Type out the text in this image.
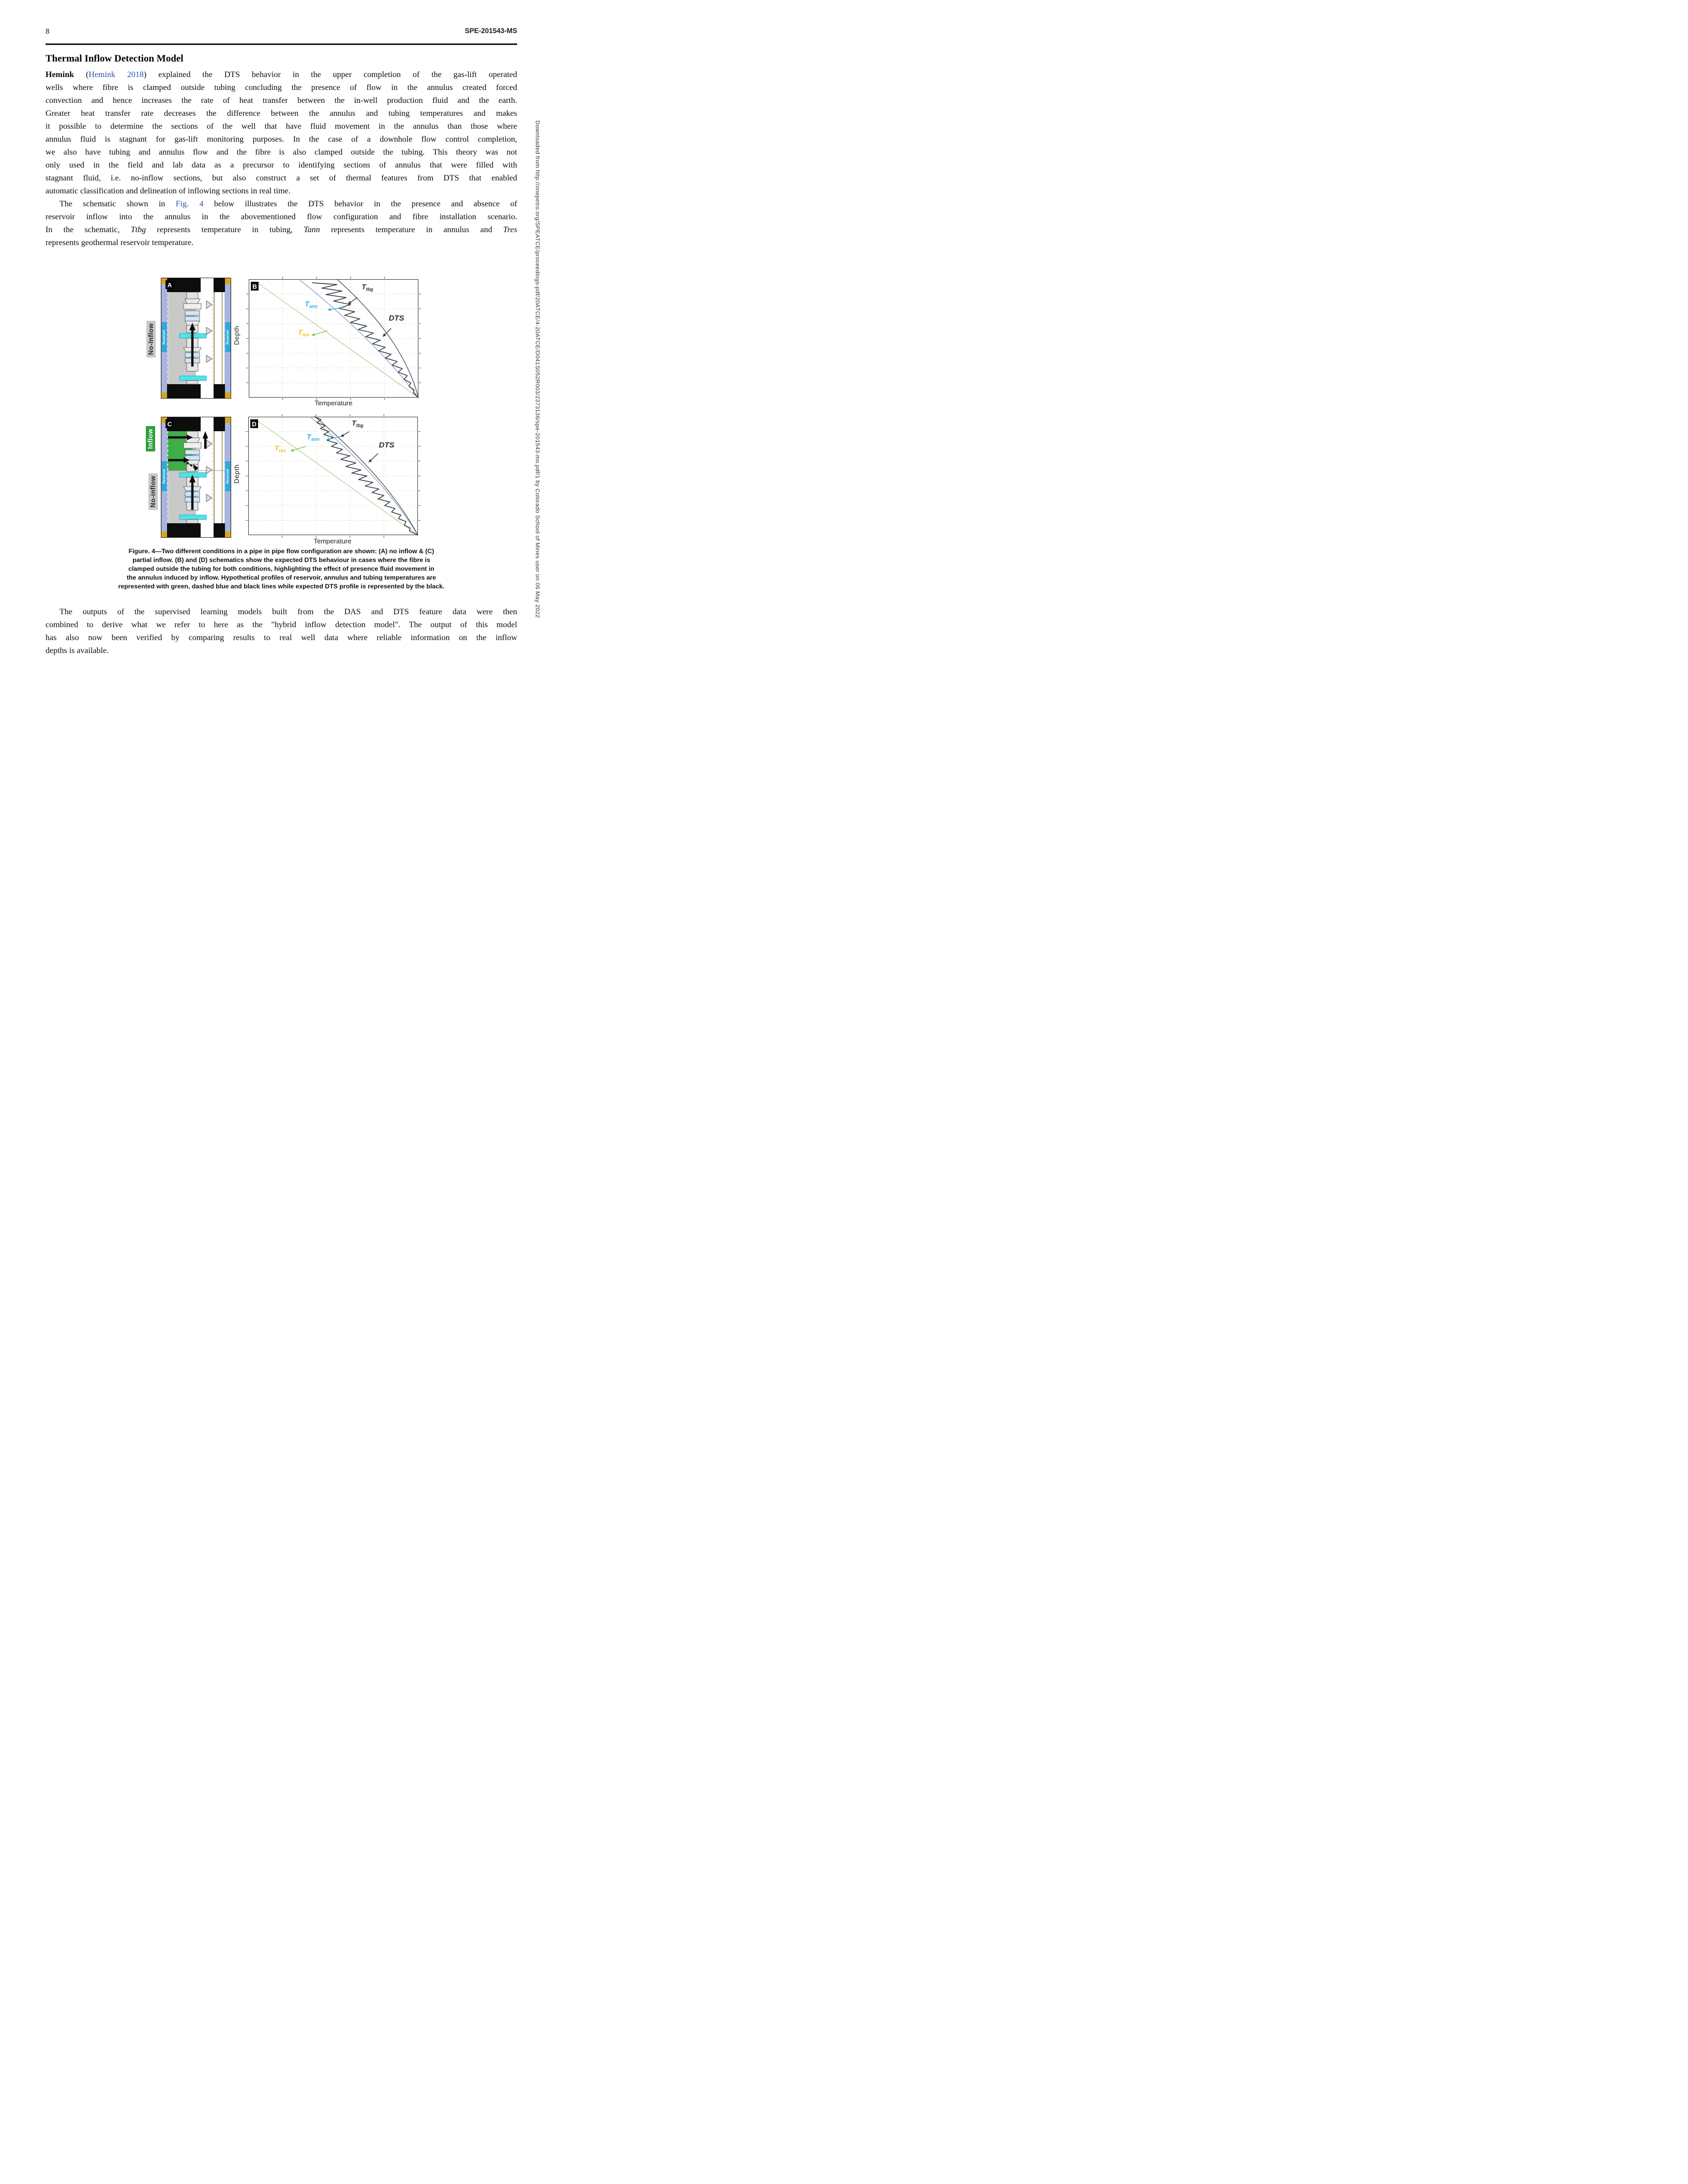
8	SPE-201543-MS
Thermal Inflow Detection Model
Hemink (Hemink 2018) explained the DTS behavior in the upper completion of the gas-lift operated
wells where fibre is clamped outside tubing concluding the presence of flow in the annulus created forced
convection and hence increases the rate of heat transfer between the in-well production fluid and the earth.
Greater heat transfer rate decreases the difference between the annulus and tubing temperatures and makes
it possible to determine the sections of the well that have fluid movement in the annulus than those where
annulus fluid is stagnant for gas-lift monitoring purposes. In the case of a downhole flow control completion,
we also have tubing and annulus flow and the fibre is also clamped outside the tubing. This theory was not
only used in the field and lab data as a precursor to identifying sections of annulus that were filled with
stagnant fluid, i.e. no-inflow sections, but also construct a set of thermal features from DTS that enabled
automatic classification and delineation of inflowing sections in real time.
The schematic shown in Fig. 4 below illustrates the DTS behavior in the presence and absence of
reservoir inflow into the annulus in the abovementioned flow configuration and fibre installation scenario.
In the schematic, Ttbg represents temperature in tubing, Tann represents temperature in annulus and Tres
represents geothermal reservoir temperature.
No-Inflow
Inflow
No-inflow
Reservoir	Reservoir
A
Reservoir	Reservoir
C
Depth
$T_{tbg}$
$T_{ann}$
$T_{res}$
DTS
B
Temperature
Depth
$T_{tbg}$
$T_{ann}$
$T_{res}$
DTS
D
Temperature
Figure. 4—Two different conditions in a pipe in pipe flow configuration are shown: (A) no inflow & (C)
partial inflow. (B) and (D) schematics show the expected DTS behaviour in cases where the fibre is
clamped outside the tubing for both conditions, highlighting the effect of presence fluid movement in
the annulus induced by inflow. Hypothetical profiles of reservoir, annulus and tubing temperatures are
represented with green, dashed blue and black lines while expected DTS profile is represented by the black.
The outputs of the supervised learning models built from the DAS and DTS feature data were then
combined to derive what we refer to here as the "hybrid inflow detection model". The output of this model
has also now been verified by comparing results to real well data where reliable information on the inflow
depths is available.
Downloaded from http://onepetro.org/SPEATCE/proceedings-pdf/20ATCE/4-20ATCE/D041S052R003/2373136/spe-201543-ms.pdf/1 by Colorado School of Mines user on 06 May 2022
